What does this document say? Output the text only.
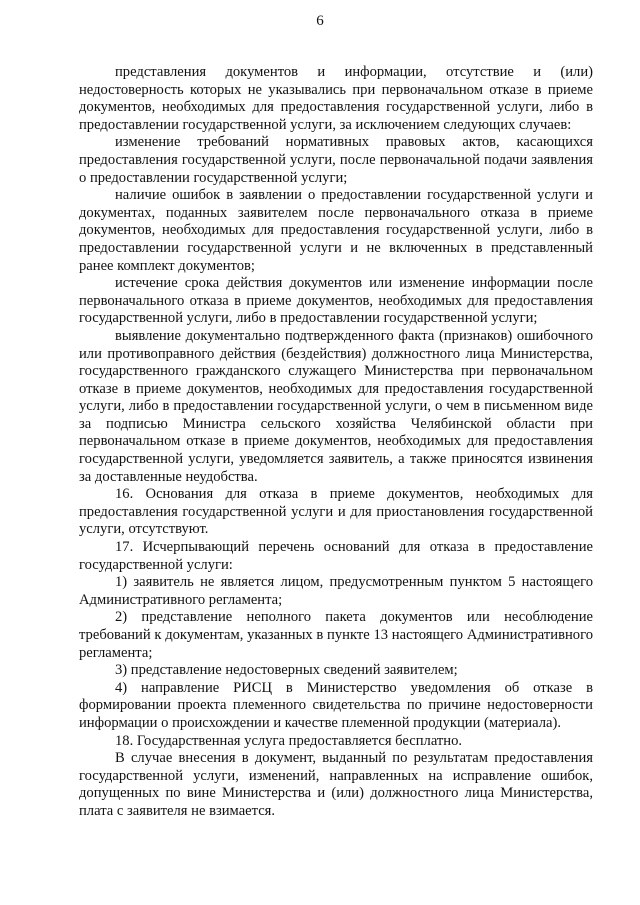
6

представления документов и информации, отсутствие и (или) недостоверность которых не указывались при первоначальном отказе в приеме документов, необходимых для предоставления государственной услуги, либо в предоставлении государственной услуги, за исключением следующих случаев:

изменение требований нормативных правовых актов, касающихся предоставления государственной услуги, после первоначальной подачи заявления о предоставлении государственной услуги;

наличие ошибок в заявлении о предоставлении государственной услуги и документах, поданных заявителем после первоначального отказа в приеме документов, необходимых для предоставления государственной услуги, либо в предоставлении государственной услуги и не включенных в представленный ранее комплект документов;

истечение срока действия документов или изменение информации после первоначального отказа в приеме документов, необходимых для предоставления государственной услуги, либо в предоставлении государственной услуги;

выявление документально подтвержденного факта (признаков) ошибочного или противоправного действия (бездействия) должностного лица Министерства, государственного гражданского служащего Министерства при первоначальном отказе в приеме документов, необходимых для предоставления государственной услуги, либо в предоставлении государственной услуги, о чем в письменном виде за подписью Министра сельского хозяйства Челябинской области при первоначальном отказе в приеме документов, необходимых для предоставления государственной услуги, уведомляется заявитель, а также приносятся извинения за доставленные неудобства.

16. Основания для отказа в приеме документов, необходимых для предоставления государственной услуги и для приостановления государственной услуги, отсутствуют.

17. Исчерпывающий перечень оснований для отказа в предоставление государственной услуги:

1) заявитель не является лицом, предусмотренным пунктом 5 настоящего Административного регламента;

2) представление неполного пакета документов или несоблюдение требований к документам, указанных в пункте 13 настоящего Административного регламента;

3) представление недостоверных сведений заявителем;

4) направление РИСЦ в Министерство уведомления об отказе в формировании проекта племенного свидетельства по причине недостоверности информации о происхождении и качестве племенной продукции (материала).

18. Государственная услуга предоставляется бесплатно.

В случае внесения в документ, выданный по результатам предоставления государственной услуги, изменений, направленных на исправление ошибок, допущенных по вине Министерства и (или) должностного лица Министерства, плата с заявителя не взимается.
